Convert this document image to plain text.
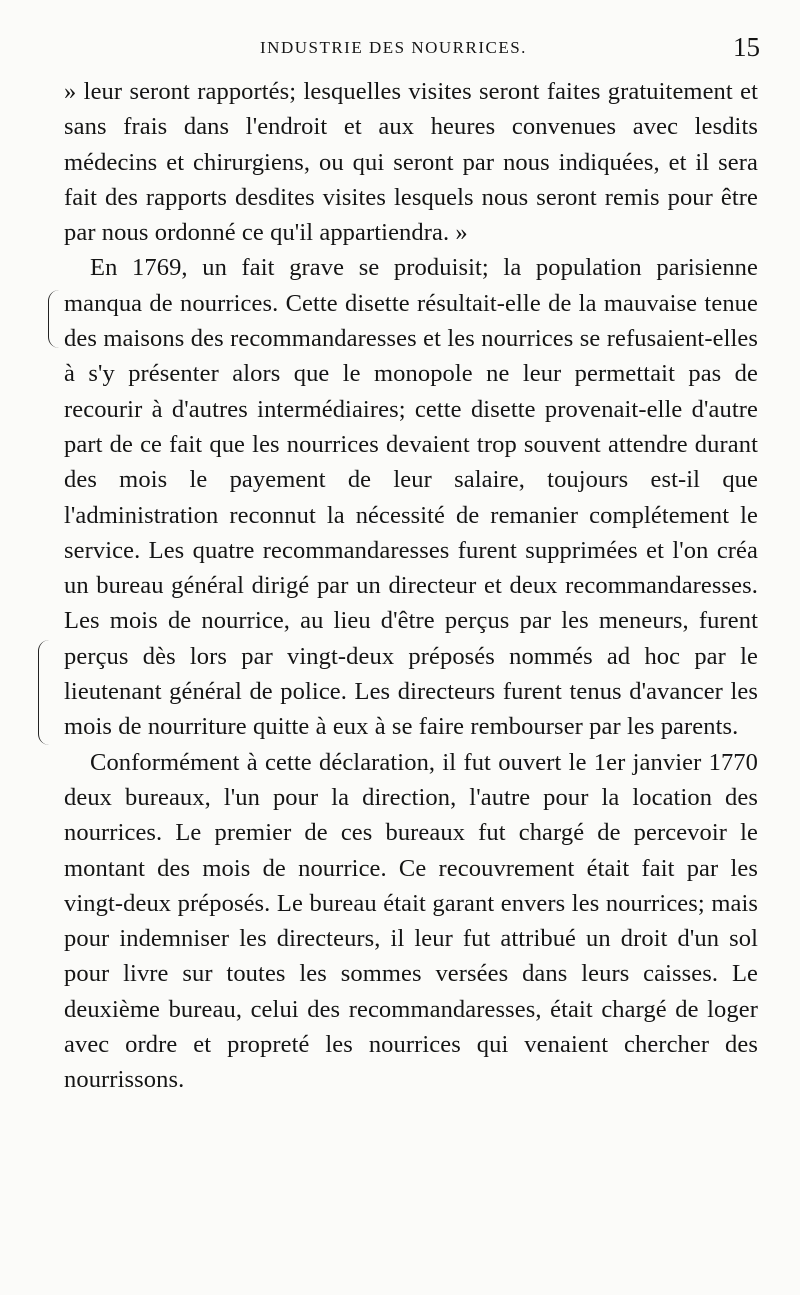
INDUSTRIE DES NOURRICES.	15

» leur seront rapportés; lesquelles visites seront faites gratuitement et sans frais dans l'endroit et aux heures convenues avec lesdits médecins et chirurgiens, ou qui seront par nous indiquées, et il sera fait des rapports desdites visites lesquels nous seront remis pour être par nous ordonné ce qu'il appartiendra. »

En 1769, un fait grave se produisit; la population parisienne manqua de nourrices. Cette disette résultait-elle de la mauvaise tenue des maisons des recommandaresses et les nourrices se refusaient-elles à s'y présenter alors que le monopole ne leur permettait pas de recourir à d'autres intermédiaires; cette disette provenait-elle d'autre part de ce fait que les nourrices devaient trop souvent attendre durant des mois le payement de leur salaire, toujours est-il que l'administration reconnut la nécessité de remanier complétement le service. Les quatre recommandaresses furent supprimées et l'on créa un bureau général dirigé par un directeur et deux recommandaresses. Les mois de nourrice, au lieu d'être perçus par les meneurs, furent perçus dès lors par vingt-deux préposés nommés ad hoc par le lieutenant général de police. Les directeurs furent tenus d'avancer les mois de nourriture quitte à eux à se faire rembourser par les parents.

Conformément à cette déclaration, il fut ouvert le 1er janvier 1770 deux bureaux, l'un pour la direction, l'autre pour la location des nourrices. Le premier de ces bureaux fut chargé de percevoir le montant des mois de nourrice. Ce recouvrement était fait par les vingt-deux préposés. Le bureau était garant envers les nourrices; mais pour indemniser les directeurs, il leur fut attribué un droit d'un sol pour livre sur toutes les sommes versées dans leurs caisses. Le deuxième bureau, celui des recommandaresses, était chargé de loger avec ordre et propreté les nourrices qui venaient chercher des nourrissons.
